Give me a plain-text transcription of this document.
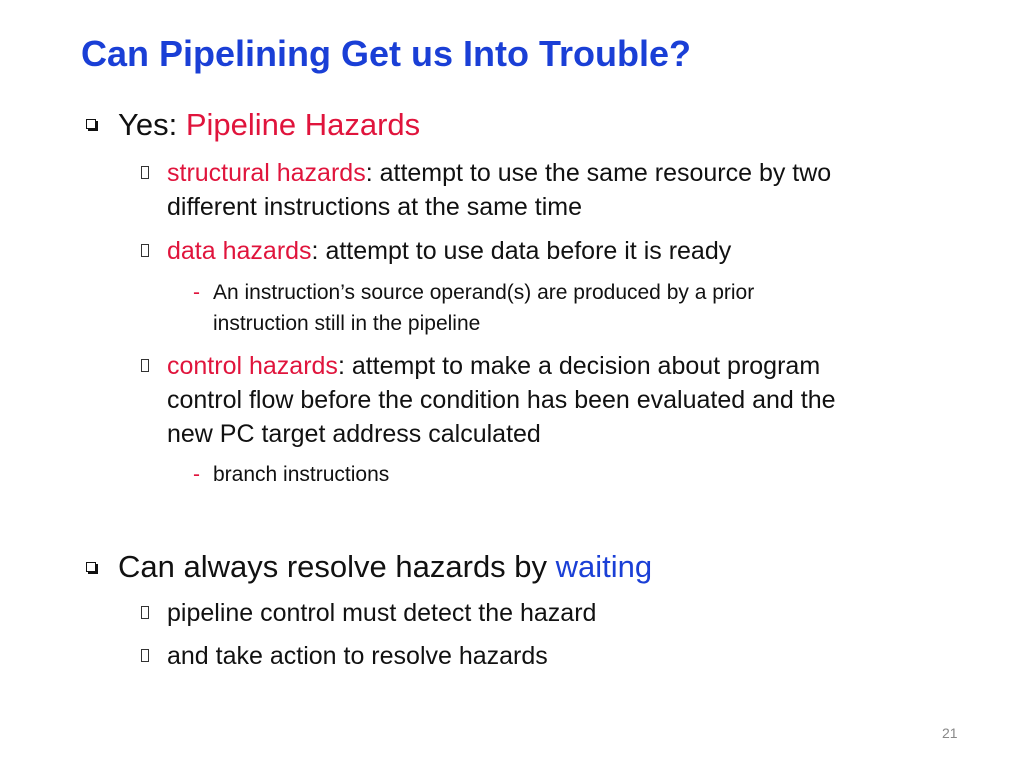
Can Pipelining Get us Into Trouble?
Yes: Pipeline Hazards
structural hazards: attempt to use the same resource by two
different instructions at the same time
data hazards: attempt to use data before it is ready
- An instruction’s source operand(s) are produced by a prior
instruction still in the pipeline
control hazards: attempt to make a decision about program
control flow before the condition has been evaluated and the
new PC target address calculated
- branch instructions
Can always resolve hazards by waiting
pipeline control must detect the hazard
and take action to resolve hazards
21
